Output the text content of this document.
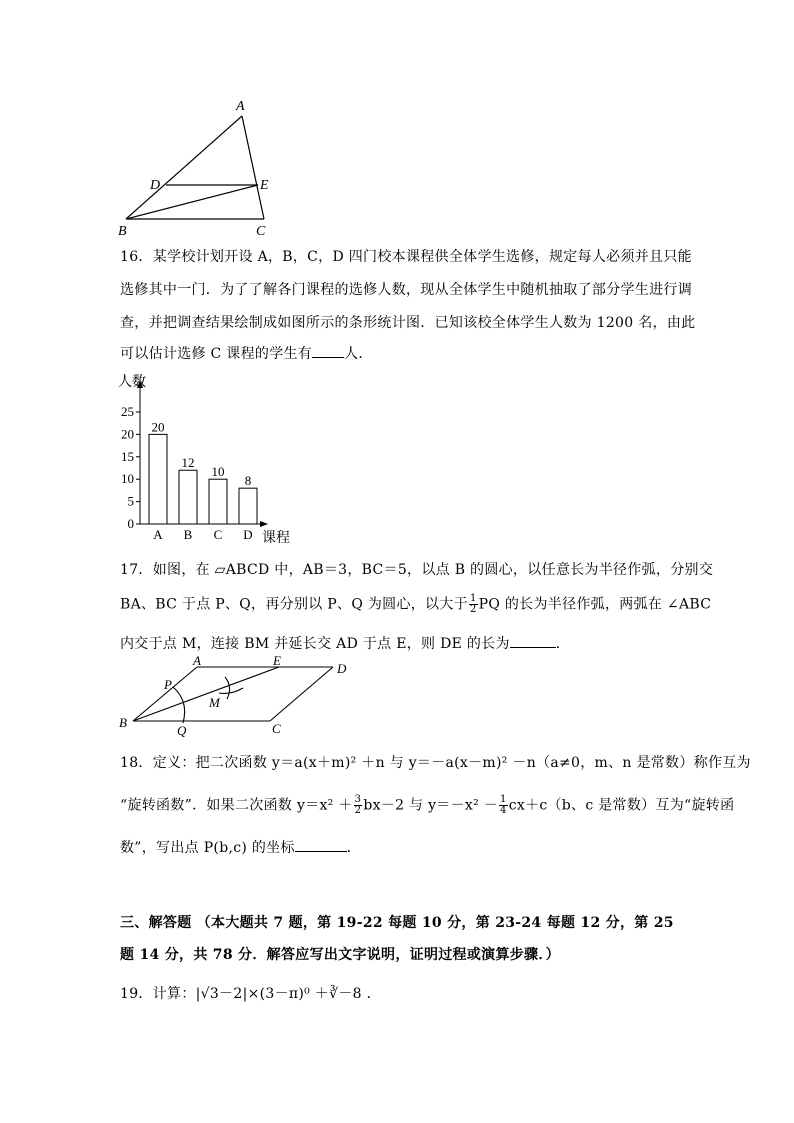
A
D	E
B	C
16．某学校计划开设 A，B，C，D 四门校本课程供全体学生选修，规定每人必须并且只能
选修其中一门．为了了解各门课程的选修人数，现从全体学生中随机抽取了部分学生进行调
查，并把调查结果绘制成如图所示的条形统计图．已知该校全体学生人数为 1200 名，由此
可以估计选修 C 课程的学生有 人．
人数
课程
0
5
10
15
20
25
20
A
12
B
10
C
8
D
17．如图，在 ▱ABCD 中，AB＝3，BC＝5，以点 B 的圆心，以任意长为半径作弧，分别交
BA、BC 于点 P、Q，再分别以 P、Q 为圆心，以大于 $\frac{1}{2}$ PQ 的长为半径作弧，两弧在 ∠ABC
内交于点 M，连接 BM 并延长交 AD 于点 E，则 DE 的长为	．
A	E
D
P
M
B
Q	C
18．定义：把二次函数 y＝a(x＋m)² ＋n 与 y＝－a(x－m)² －n（a≠0，m、n 是常数）称作互为
“旋转函数”．如果二次函数 $y=x^2 + \frac{3}{2} bx-2$ 与 $y=-x^2 - \frac{1}{4} cx+c(b$、c 是常数）互为“旋转函
数”，写出点 P(b,c) 的坐标	．
三、解答题 （本大题共 7 题，第 19-22 每题 10 分，第 23-24 每题 12 分，第 25
题 14 分，共 78 分．解答应写出文字说明，证明过程或演算步骤．）
19．计算：|√3－2|×(3－π)⁰ ＋∛－8 ．
